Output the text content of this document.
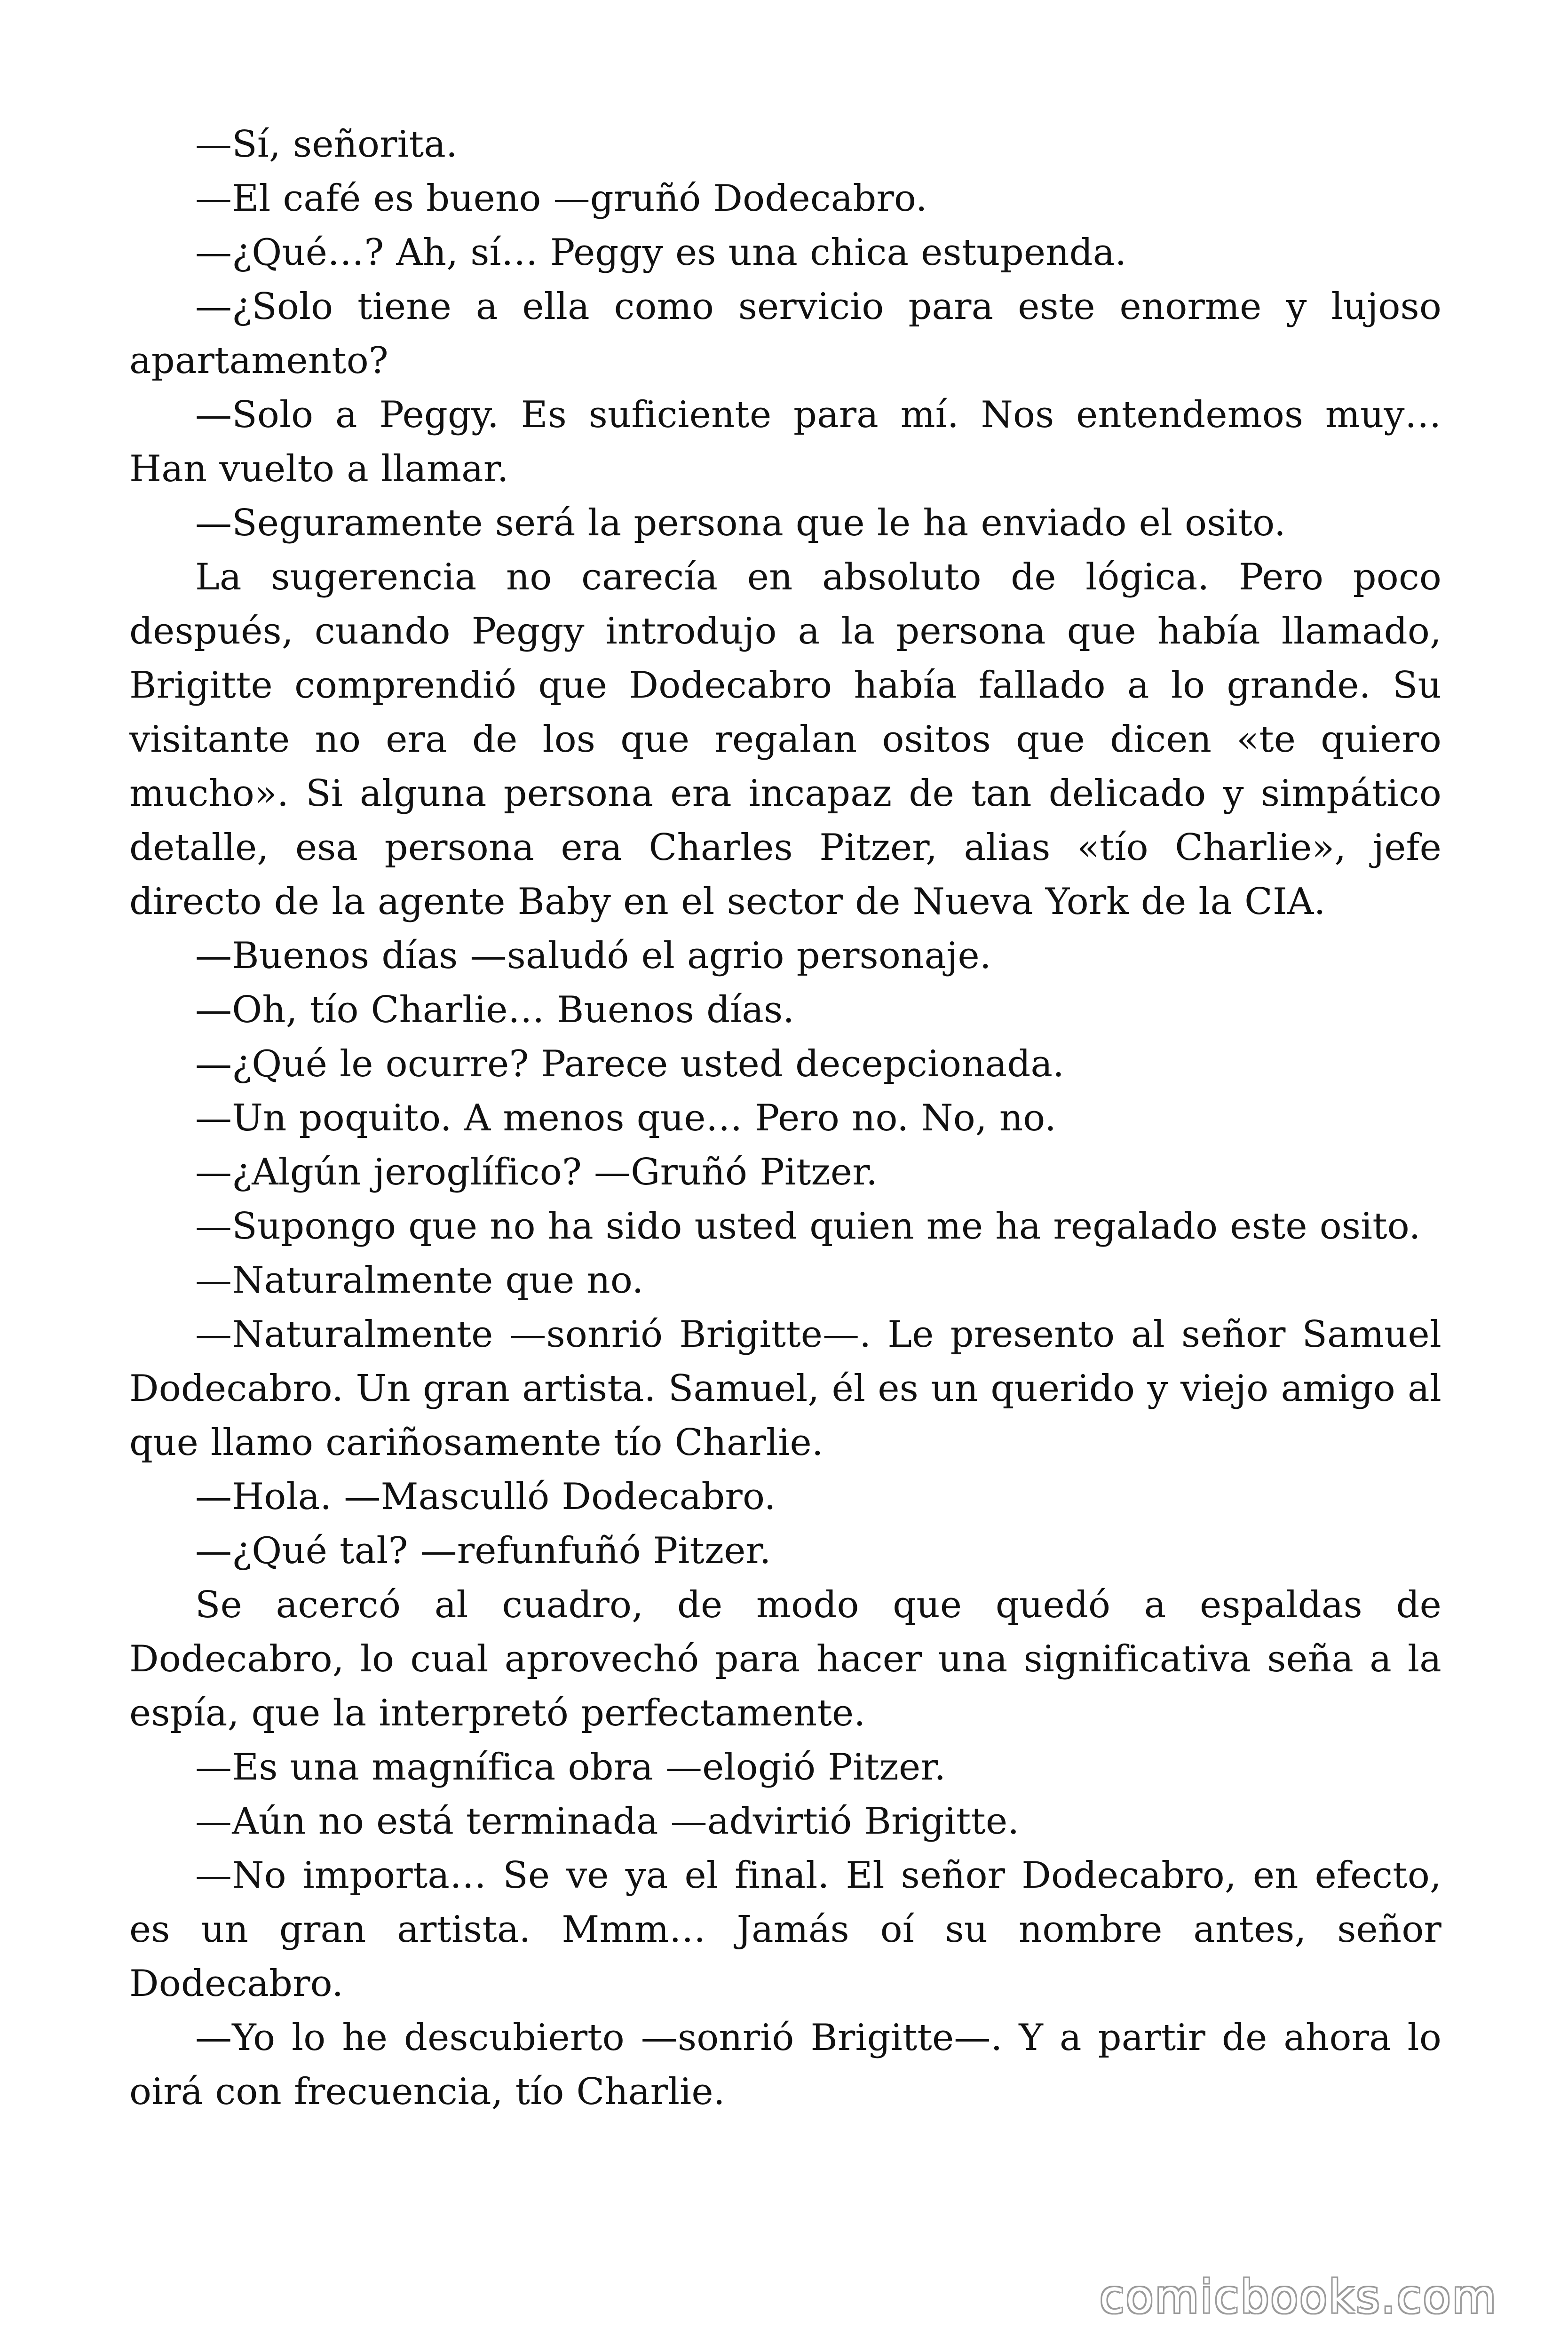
—Sí, señorita.

—El café es bueno —gruñó Dodecabro.

—¿Qué…? Ah, sí… Peggy es una chica estupenda.

—¿Solo tiene a ella como servicio para este enorme y lujoso apartamento?

—Solo a Peggy. Es suficiente para mí. Nos entendemos muy… Han vuelto a llamar.

—Seguramente será la persona que le ha enviado el osito.

La sugerencia no carecía en absoluto de lógica. Pero poco después, cuando Peggy introdujo a la persona que había llamado, Brigitte comprendió que Dodecabro había fallado a lo grande. Su visitante no era de los que regalan ositos que dicen «te quiero mucho». Si alguna persona era incapaz de tan delicado y simpático detalle, esa persona era Charles Pitzer, alias «tío Charlie», jefe directo de la agente Baby en el sector de Nueva York de la CIA.

—Buenos días —saludó el agrio personaje.

—Oh, tío Charlie… Buenos días.

—¿Qué le ocurre? Parece usted decepcionada.

—Un poquito. A menos que… Pero no. No, no.

—¿Algún jeroglífico? —Gruñó Pitzer.

—Supongo que no ha sido usted quien me ha regalado este osito.

—Naturalmente que no.

—Naturalmente —sonrió Brigitte—. Le presento al señor Samuel Dodecabro. Un gran artista. Samuel, él es un querido y viejo amigo al que llamo cariñosamente tío Charlie.

—Hola. —Masculló Dodecabro.

—¿Qué tal? —refunfuñó Pitzer.

Se acercó al cuadro, de modo que quedó a espaldas de Dodecabro, lo cual aprovechó para hacer una significativa seña a la espía, que la interpretó perfectamente.

—Es una magnífica obra —elogió Pitzer.

—Aún no está terminada —advirtió Brigitte.

—No importa… Se ve ya el final. El señor Dodecabro, en efecto, es un gran artista. Mmm… Jamás oí su nombre antes, señor Dodecabro.

—Yo lo he descubierto —sonrió Brigitte—. Y a partir de ahora lo oirá con frecuencia, tío Charlie.

comicbooks.com
